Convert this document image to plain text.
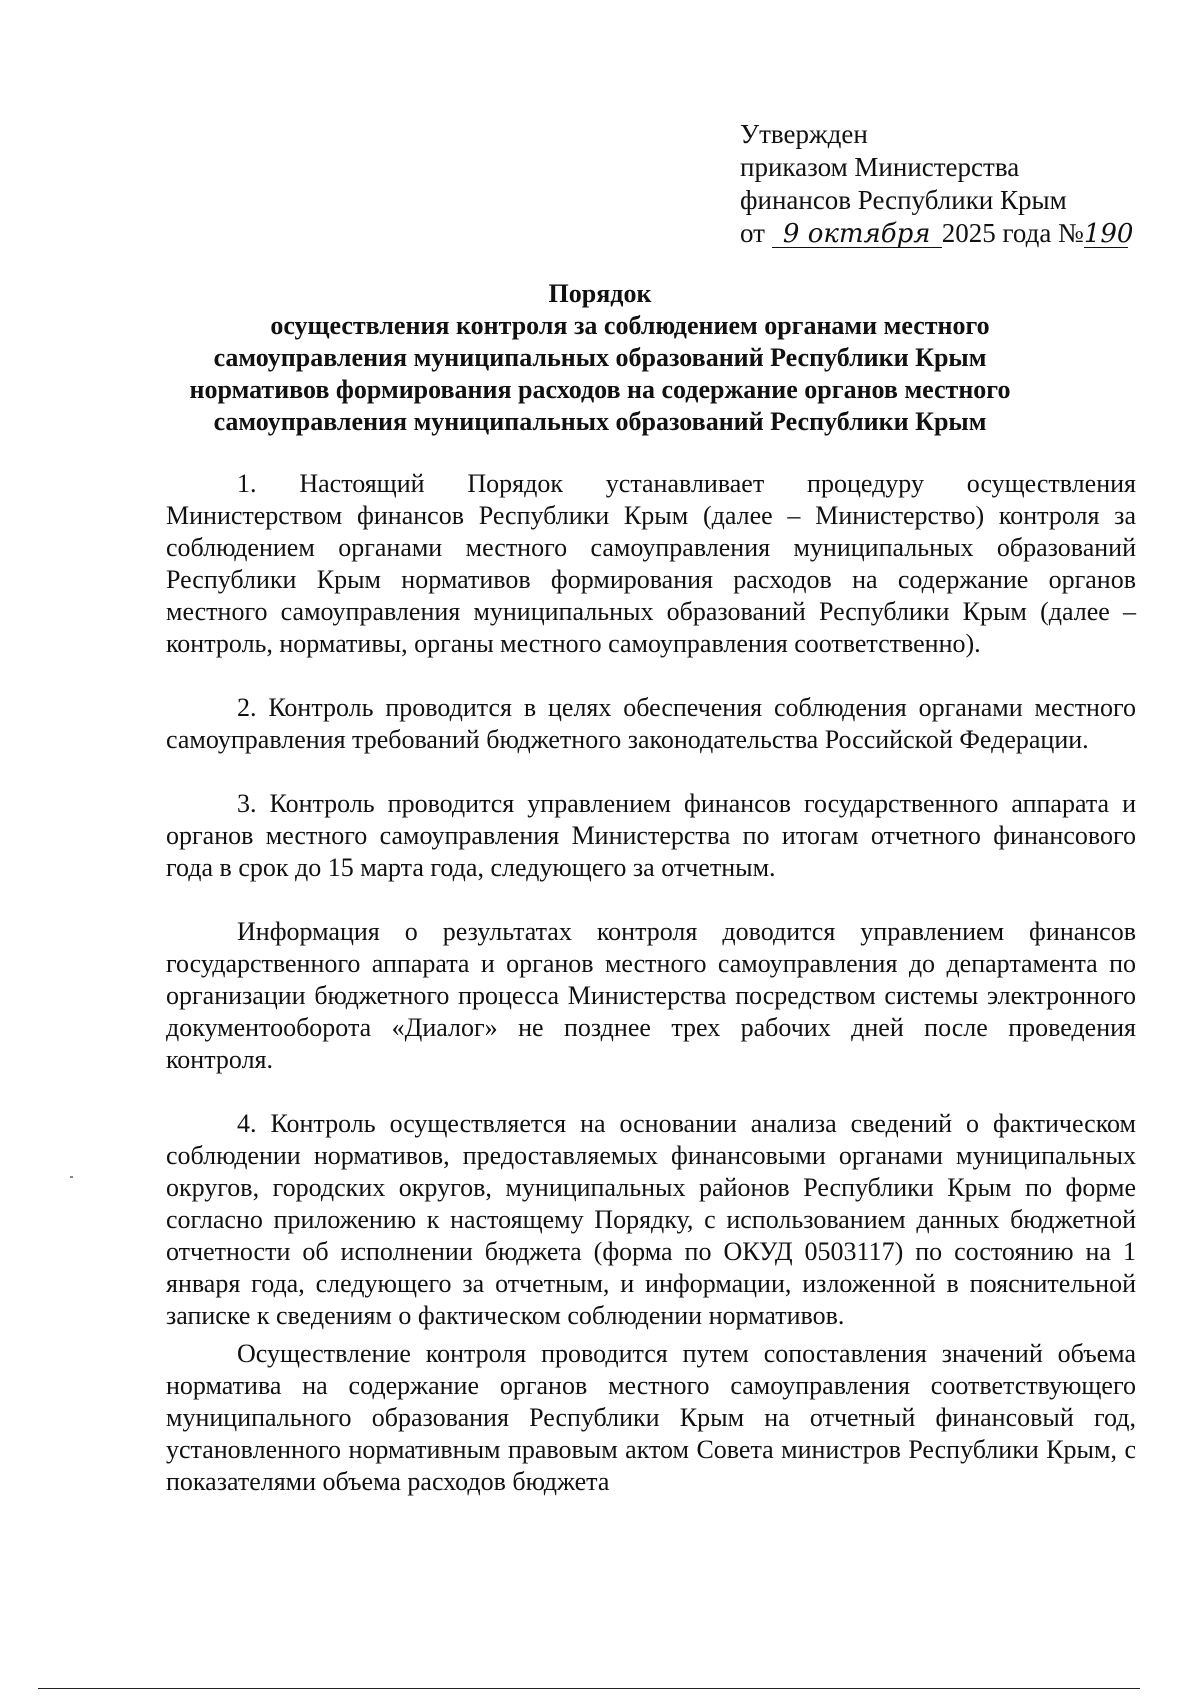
Утвержден
приказом Министерства
финансов Республики Крым
от 9 октября 2025 года №190
Порядок
осуществления контроля за соблюдением органами местного
самоуправления муниципальных образований Республики Крым
нормативов формирования расходов на содержание органов местного
самоуправления муниципальных образований Республики Крым

1. Настоящий Порядок устанавливает процедуру осуществления Министерством финансов Республики Крым (далее – Министерство) контроля за соблюдением органами местного самоуправления муниципальных образований Республики Крым нормативов формирования расходов на содержание органов местного самоуправления муниципальных образований Республики Крым (далее – контроль, нормативы, органы местного самоуправления соответственно).

2. Контроль проводится в целях обеспечения соблюдения органами местного самоуправления требований бюджетного законодательства Российской Федерации.

3. Контроль проводится управлением финансов государственного аппарата и органов местного самоуправления Министерства по итогам отчетного финансового года в срок до 15 марта года, следующего за отчетным.

Информация о результатах контроля доводится управлением финансов государственного аппарата и органов местного самоуправления до департамента по организации бюджетного процесса Министерства посредством системы электронного документооборота «Диалог» не позднее трех рабочих дней после проведения контроля.

4. Контроль осуществляется на основании анализа сведений о фактическом соблюдении нормативов, предоставляемых финансовыми органами муниципальных округов, городских округов, муниципальных районов Республики Крым по форме согласно приложению к настоящему Порядку, с использованием данных бюджетной отчетности об исполнении бюджета (форма по ОКУД 0503117) по состоянию на 1 января года, следующего за отчетным, и информации, изложенной в пояснительной записке к сведениям о фактическом соблюдении нормативов.

Осуществление контроля проводится путем сопоставления значений объема норматива на содержание органов местного самоуправления соответствующего муниципального образования Республики Крым на отчетный финансовый год, установленного нормативным правовым актом Совета министров Республики Крым, с показателями объема расходов бюджета
